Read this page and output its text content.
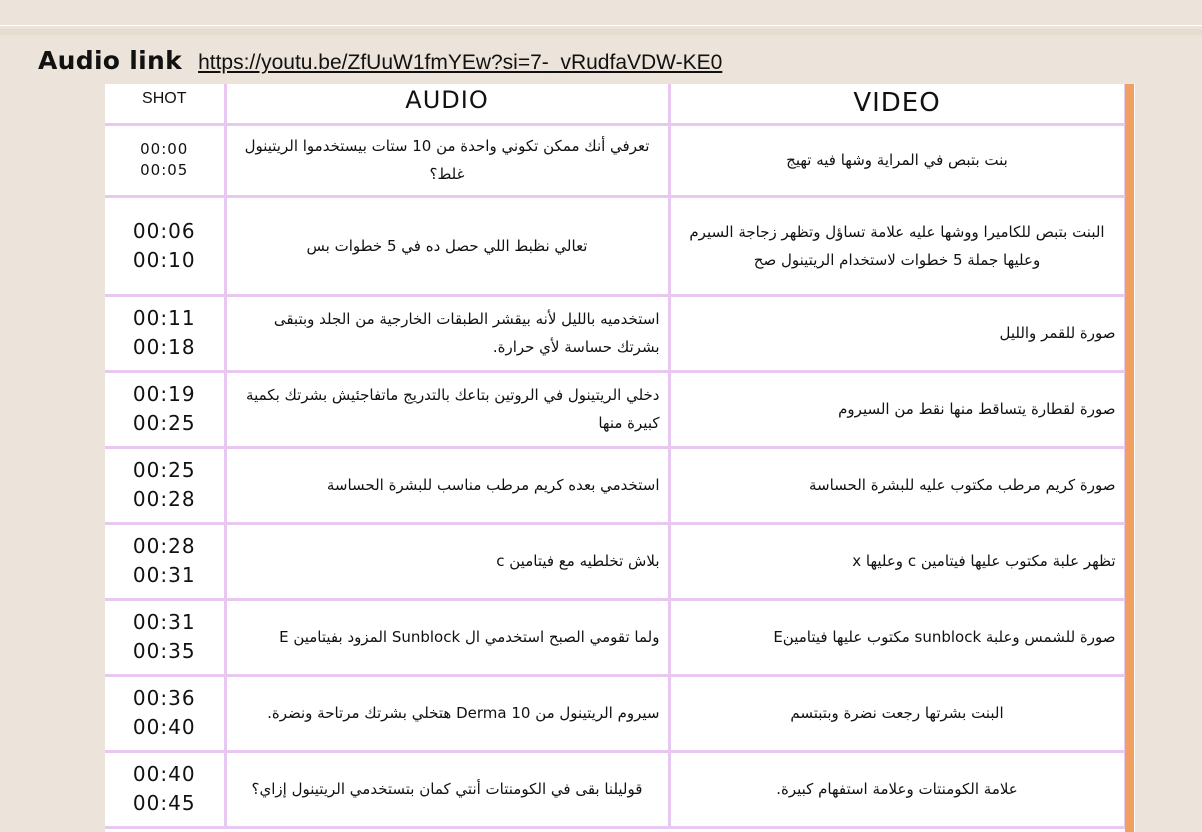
Audio link https://youtu.be/ZfUuW1fmYEw?si=7-_vRudfaVDW-KE0
SHOT	AUDIO	VIDEO

00:00
00:05	تعرفي أنك ممكن تكوني واحدة من 10 ستات بيستخدموا الريتينول غلط؟	بنت بتبص في المراية وشها فيه تهيج

00:06
00:10	تعالي نظبط اللي حصل ده في 5 خطوات بس	البنت بتبص للكاميرا ووشها عليه علامة تساؤل وتظهر زجاجة السيرم وعليها جملة 5 خطوات لاستخدام الريتينول صح

00:11
00:18	استخدميه بالليل لأنه بيقشر الطبقات الخارجية من الجلد وبتبقى بشرتك حساسة لأي حرارة.	صورة للقمر والليل

00:19
00:25	دخلي الريتينول في الروتين بتاعك بالتدريج ماتفاجئيش بشرتك بكمية كبيرة منها	صورة لقطارة يتساقط منها نقط من السيروم

00:25
00:28	استخدمي بعده كريم مرطب مناسب للبشرة الحساسة	صورة كريم مرطب مكتوب عليه للبشرة الحساسة

00:28
00:31	بلاش تخلطيه مع فيتامين c	تظهر علبة مكتوب عليها فيتامين c وعليها x

00:31
00:35	ولما تقومي الصبح استخدمي ال Sunblock المزود بفيتامين E	صورة للشمس وعلبة sunblock مكتوب عليها فيتامينE

00:36
00:40	سيروم الريتينول من Derma 10 هتخلي بشرتك مرتاحة ونضرة.	البنت بشرتها رجعت نضرة وبتبتسم

00:40
00:45	قوليلنا بقى في الكومنتات أنتي كمان بتستخدمي الريتينول إزاي؟	علامة الكومنتات وعلامة استفهام كبيرة.
